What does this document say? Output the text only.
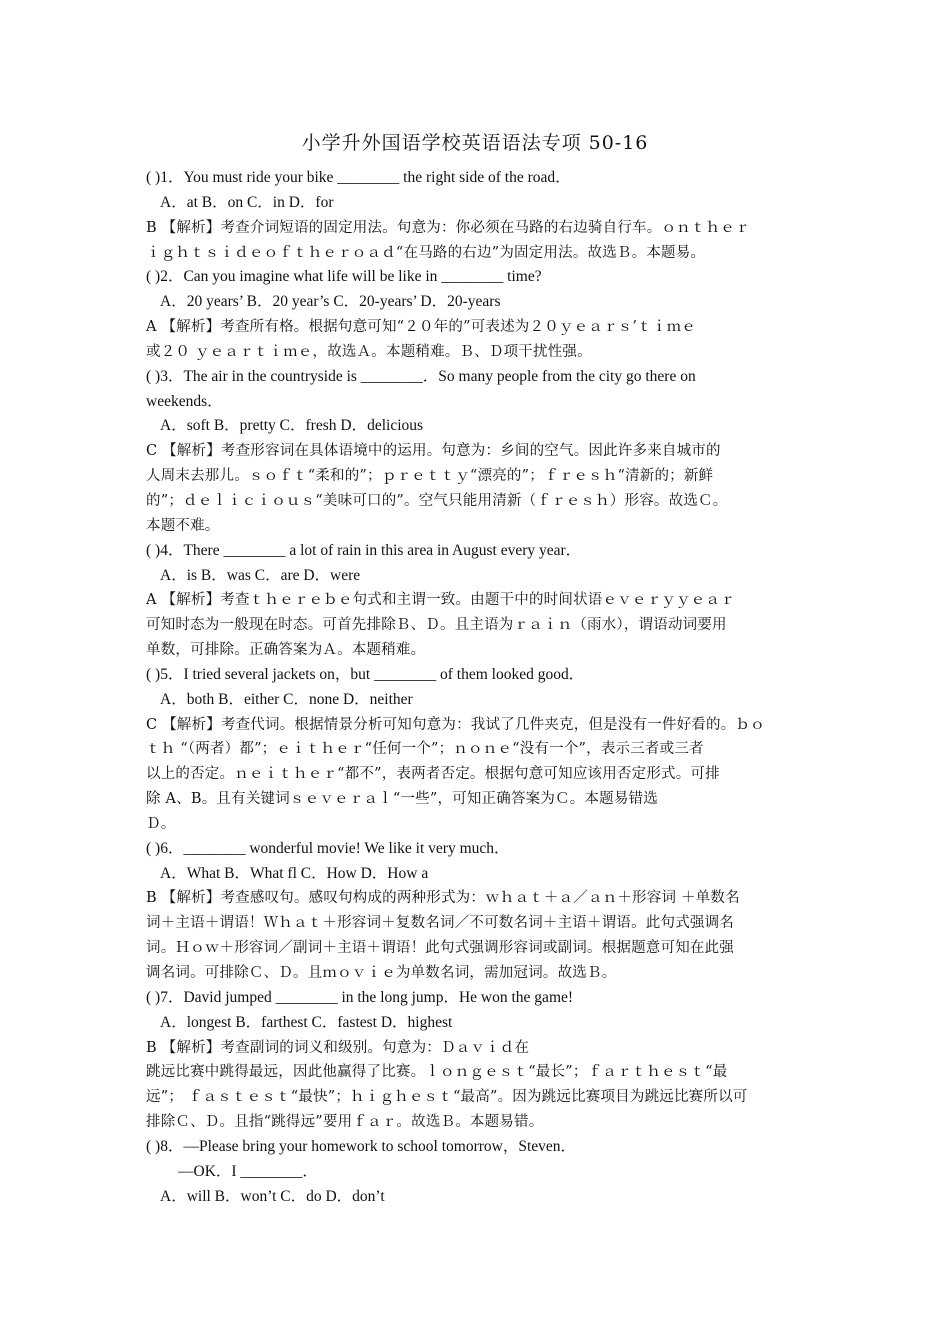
小学升外国语学校英语语法专项 50-16
( )1．You must ride your bike ________ the right side of the road．
A．at B．on C．in D．for
B 【解析】考查介词短语的固定用法。句意为：你必须在马路的右边骑自行车。ｏｎｔｈｅｒ
ｉｇｈｔｓｉｄｅｏｆｔｈｅｒｏａｄ“在马路的右边”为固定用法。故选Ｂ。本题易。
( )2．Can you imagine what life will be like in ________ time?
A．20 years’ B．20 year’s C．20-years’ D．20-years
A 【解析】考查所有格。根据句意可知“２０年的”可表述为２０ｙｅａｒｓ’ｔｉｍｅ
或２０ ｙｅａｒｔｉｍｅ，故选Ａ。本题稍难。Ｂ、Ｄ项干扰性强。
( )3．The air in the countryside is ________．So many people from the city go there on
weekends．
A．soft B．pretty C．fresh D．delicious
C 【解析】考查形容词在具体语境中的运用。句意为：乡间的空气。因此许多来自城市的
人周末去那儿。ｓｏｆｔ“柔和的”；ｐｒｅｔｔｙ“漂亮的”；ｆｒｅｓｈ“清新的；新鲜
的”；ｄｅｌｉｃｉｏｕｓ“美味可口的”。空气只能用清新（ｆｒｅｓｈ）形容。故选Ｃ。
本题不难。
( )4．There ________ a lot of rain in this area in August every year．
A．is B．was C．are D．were
A 【解析】考查ｔｈｅｒｅｂｅ句式和主谓一致。由题干中的时间状语ｅｖｅｒｙｙｅａｒ
可知时态为一般现在时态。可首先排除Ｂ、Ｄ。且主语为ｒａｉｎ（雨水），谓语动词要用
单数，可排除。正确答案为Ａ。本题稍难。
( )5．I tried several jackets on，but ________ of them looked good．
A．both B．either C．none D．neither
C 【解析】考查代词。根据情景分析可知句意为：我试了几件夹克，但是没有一件好看的。ｂｏ
ｔｈ “（两者）都”；ｅｉｔｈｅｒ“任何一个”；ｎｏｎｅ“没有一个”，表示三者或三者
以上的否定。ｎｅｉｔｈｅｒ“都不”，表两者否定。根据句意可知应该用否定形式。可排
除 A、B。且有关键词ｓｅｖｅｒａｌ“一些”，可知正确答案为Ｃ。本题易错选
Ｄ。
( )6．________ wonderful movie! We like it very much．
A．What B．What fl C．How D．How a
B 【解析】考查感叹句。感叹句构成的两种形式为：ｗｈａｔ＋ａ／ａｎ＋形容词 ＋单数名
词＋主语＋谓语！Ｗｈａｔ＋形容词＋复数名词／不可数名词＋主语＋谓语。此句式强调名
词。Ｈｏｗ＋形容词／副词＋主语＋谓语！此句式强调形容词或副词。根据题意可知在此强
调名词。可排除Ｃ、Ｄ。且ｍｏｖｉｅ为单数名词，需加冠词。故选Ｂ。
( )7．David jumped ________ in the long jump．He won the game!
A．longest B．farthest C．fastest D．highest
B 【解析】考查副词的词义和级别。句意为：Ｄａｖｉｄ在
跳远比赛中跳得最远，因此他赢得了比赛。ｌｏｎｇｅｓｔ“最长”；ｆａｒｔｈｅｓｔ“最
远”； ｆａｓｔｅｓｔ“最快”；ｈｉｇｈｅｓｔ“最高”。因为跳远比赛项目为跳远比赛所以可
排除Ｃ、Ｄ。且指“跳得远”要用ｆａｒ。故选Ｂ。本题易错。
( )8．—Please bring your homework to school tomorrow，Steven．
—OK．I ________．
A．will B．won’t C．do D．don’t
